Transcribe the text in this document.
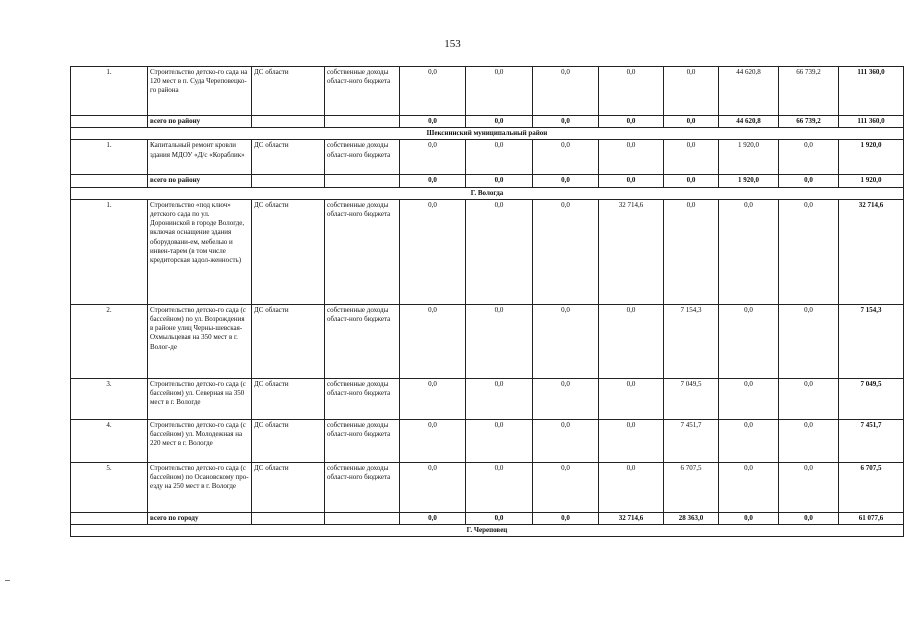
153
1.	Строительство детско-го сада на 120 мест в п. Суда Череповецко-го района	ДС области	собственные доходы област-ного бюджета	0,0	0,0	0,0	0,0	0,0	44 620,8	66 739,2	111 360,0
	всего по району			0,0	0,0	0,0	0,0	0,0	44 620,8	66 739,2	111 360,0
Шекснинский муниципальный район											
1.	Капитальный ремонт кровли здания МДОУ «Д/с «Кораблик»	ДС области	собственные доходы област-ного бюджета	0,0	0,0	0,0	0,0	0,0	1 920,0	0,0	1 920,0
	всего по району			0,0	0,0	0,0	0,0	0,0	1 920,0	0,0	1 920,0
Г. Вологда											
1.	Строительство «под ключ» детского сада по ул. Доронинской в городе Вологде, включая оснащение здания оборудовани-ем, мебелью и инвен-тарем (в том числе кредиторская задол-женность)	ДС области	собственные доходы област-ного бюджета	0,0	0,0	0,0	32 714,6	0,0	0,0	0,0	32 714,6
2.	Строительство детско-го сада (с бассейном) по ул. Возрождения в районе улиц Черны-шевская-Охмыльцевая на 350 мест в г. Волог-де	ДС области	собственные доходы област-ного бюджета	0,0	0,0	0,0	0,0	7 154,3	0,0	0,0	7 154,3
3.	Строительство детско-го сада (с бассейном) ул. Северная на 350 мест в г. Вологде	ДС области	собственные доходы област-ного бюджета	0,0	0,0	0,0	0,0	7 049,5	0,0	0,0	7 049,5
4.	Строительство детско-го сада (с бассейном) ул. Молодежная на 220 мест в г. Вологде	ДС области	собственные доходы област-ного бюджета	0,0	0,0	0,0	0,0	7 451,7	0,0	0,0	7 451,7
5.	Строительство детско-го сада (с бассейном) по Осановскому про-езду на 250 мест в г. Вологде	ДС области	собственные доходы област-ного бюджета	0,0	0,0	0,0	0,0	6 707,5	0,0	0,0	6 707,5
	всего по городу			0,0	0,0	0,0	32 714,6	28 363,0	0,0	0,0	61 077,6
Г. Череповец											
